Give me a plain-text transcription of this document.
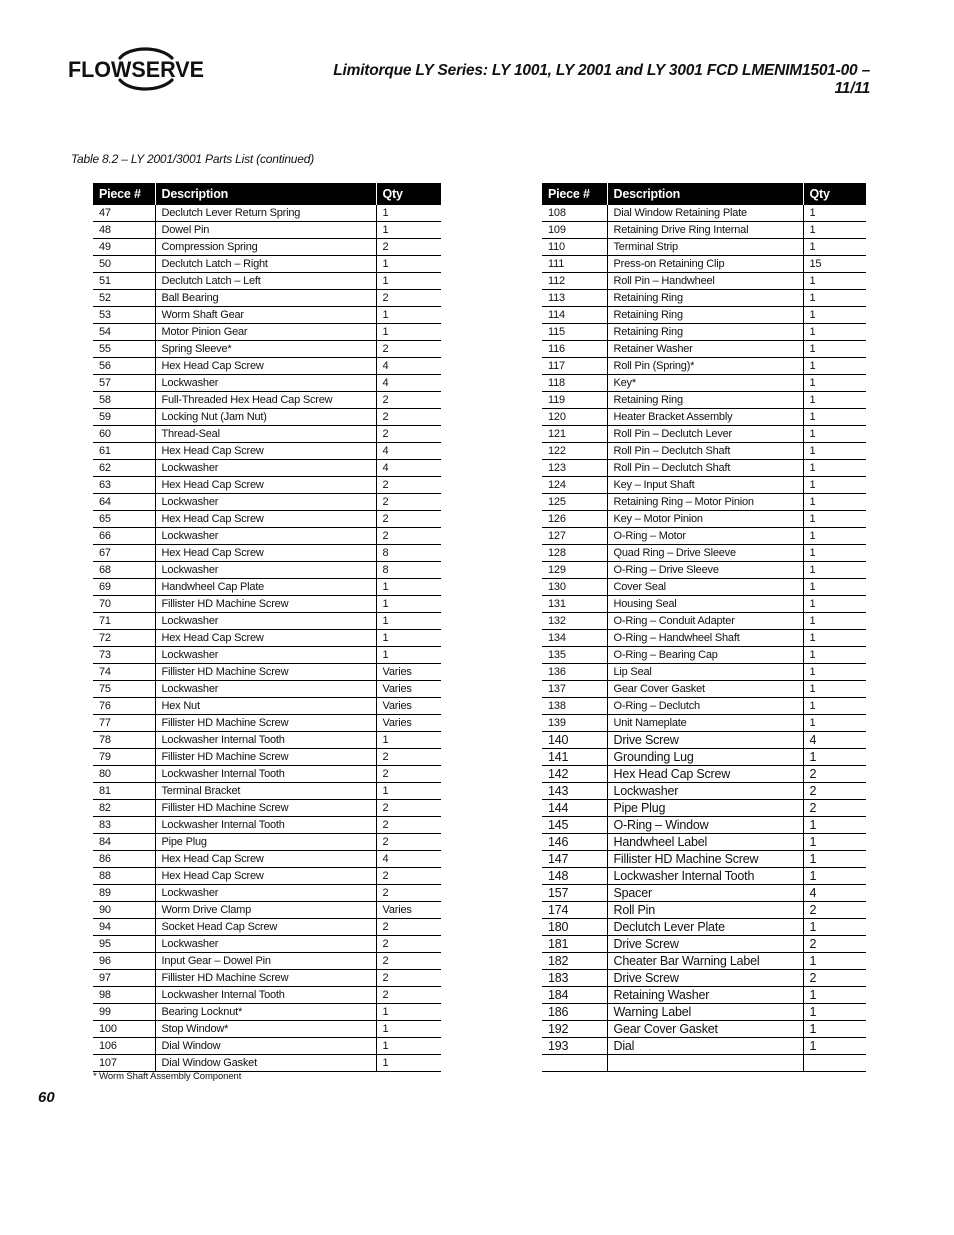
FLOWSERVE	Limitorque LY Series: LY 1001, LY 2001 and LY 3001 FCD LMENIM1501-00 – 11/11
Table 8.2 – LY 2001/3001 Parts List (continued)
Piece #	Description	Qty
47	Declutch Lever Return Spring	1
48	Dowel Pin	1
49	Compression Spring	2
50	Declutch Latch – Right	1
51	Declutch Latch – Left	1
52	Ball Bearing	2
53	Worm Shaft Gear	1
54	Motor Pinion Gear	1
55	Spring Sleeve*	2
56	Hex Head Cap Screw	4
57	Lockwasher	4
58	Full-Threaded Hex Head Cap Screw	2
59	Locking Nut (Jam Nut)	2
60	Thread-Seal	2
61	Hex Head Cap Screw	4
62	Lockwasher	4
63	Hex Head Cap Screw	2
64	Lockwasher	2
65	Hex Head Cap Screw	2
66	Lockwasher	2
67	Hex Head Cap Screw	8
68	Lockwasher	8
69	Handwheel Cap Plate	1
70	Fillister HD Machine Screw	1
71	Lockwasher	1
72	Hex Head Cap Screw	1
73	Lockwasher	1
74	Fillister HD Machine Screw	Varies
75	Lockwasher	Varies
76	Hex Nut	Varies
77	Fillister HD Machine Screw	Varies
78	Lockwasher Internal Tooth	1
79	Fillister HD Machine Screw	2
80	Lockwasher Internal Tooth	2
81	Terminal Bracket	1
82	Fillister HD Machine Screw	2
83	Lockwasher Internal Tooth	2
84	Pipe Plug	2
86	Hex Head Cap Screw	4
88	Hex Head Cap Screw	2
89	Lockwasher	2
90	Worm Drive Clamp	Varies
94	Socket Head Cap Screw	2
95	Lockwasher	2
96	Input Gear – Dowel Pin	2
97	Fillister HD Machine Screw	2
98	Lockwasher Internal Tooth	2
99	Bearing Locknut*	1
100	Stop Window*	1
106	Dial Window	1
107	Dial Window Gasket	1
Piece #	Description	Qty
108	Dial Window Retaining Plate	1
109	Retaining Drive Ring Internal	1
110	Terminal Strip	1
111	Press-on Retaining Clip	15
112	Roll Pin – Handwheel	1
113	Retaining Ring	1
114	Retaining Ring	1
115	Retaining Ring	1
116	Retainer Washer	1
117	Roll Pin (Spring)*	1
118	Key*	1
119	Retaining Ring	1
120	Heater Bracket Assembly	1
121	Roll Pin – Declutch Lever	1
122	Roll Pin – Declutch Shaft	1
123	Roll Pin – Declutch Shaft	1
124	Key – Input Shaft	1
125	Retaining Ring – Motor Pinion	1
126	Key – Motor Pinion	1
127	O-Ring – Motor	1
128	Quad Ring – Drive Sleeve	1
129	O-Ring – Drive Sleeve	1
130	Cover Seal	1
131	Housing Seal	1
132	O-Ring – Conduit Adapter	1
134	O-Ring – Handwheel Shaft	1
135	O-Ring – Bearing Cap	1
136	Lip Seal	1
137	Gear Cover Gasket	1
138	O-Ring – Declutch	1
139	Unit Nameplate	1
140	Drive Screw	4
141	Grounding Lug	1
142	Hex Head Cap Screw	2
143	Lockwasher	2
144	Pipe Plug	2
145	O-Ring – Window	1
146	Handwheel Label	1
147	Fillister HD Machine Screw	1
148	Lockwasher Internal Tooth	1
157	Spacer	4
174	Roll Pin	2
180	Declutch Lever Plate	1
181	Drive Screw	2
182	Cheater Bar Warning Label	1
183	Drive Screw	2
184	Retaining Washer	1
186	Warning Label	1
192	Gear Cover Gasket	1
193	Dial	1

* Worm Shaft Assembly Component
60
